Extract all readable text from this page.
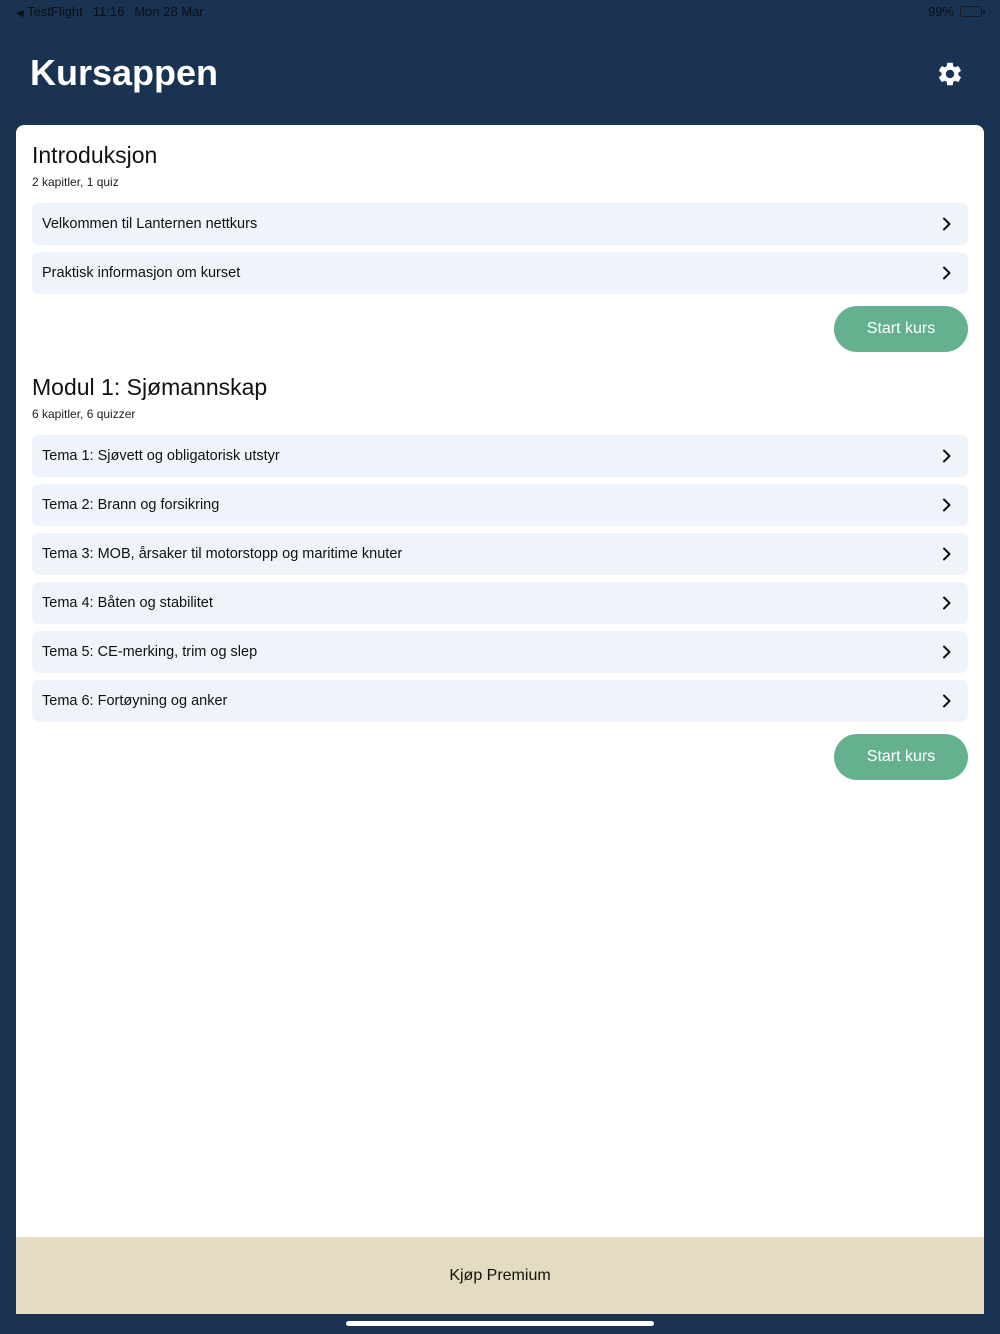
◀ TestFlight 11:16 Mon 28 Mar	99%
Kursappen
Introduksjon
2 kapitler, 1 quiz
Velkommen til Lanternen nettkurs
Praktisk informasjon om kurset
Start kurs
Modul 1: Sjømannskap
6 kapitler, 6 quizzer
Tema 1: Sjøvett og obligatorisk utstyr
Tema 2: Brann og forsikring
Tema 3: MOB, årsaker til motorstopp og maritime knuter
Tema 4: Båten og stabilitet
Tema 5: CE-merking, trim og slep
Tema 6: Fortøyning og anker
Start kurs
Kjøp Premium
